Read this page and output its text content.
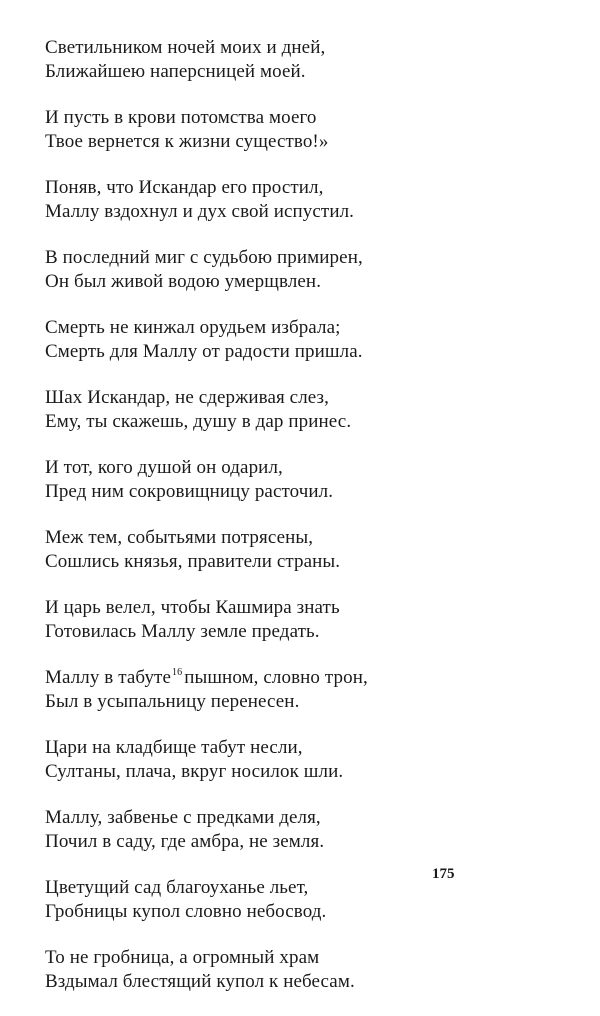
Светильником ночей моих и дней,
Ближайшею наперсницей моей.
И пусть в крови потомства моего
Твое вернется к жизни существо!»
Поняв, что Искандар его простил,
Маллу вздохнул и дух свой испустил.
В последний миг с судьбою примирен,
Он был живой водою умерщвлен.
Смерть не кинжал орудьем избрала;
Смерть для Маллу от радости пришла.
Шах Искандар, не сдерживая слез,
Ему, ты скажешь, душу в дар принес.
И тот, кого душой он одарил,
Пред ним сокровищницу расточил.
Меж тем, событьями потрясены,
Сошлись князья, правители страны.
И царь велел, чтобы Кашмира знать
Готовилась Маллу земле предать.
Маллу в табуте$^{16}$ пышном, словно трон,
Был в усыпальницу перенесен.
Цари на кладбище табут несли,
Султаны, плача, вкруг носилок шли.
Маллу, забвенье с предками деля,
Почил в саду, где амбра, не земля.
Цветущий сад благоуханье льет,
Гробницы купол словно небосвод.
То не гробница, а огромный храм
Вздымал блестящий купол к небесам.
175
